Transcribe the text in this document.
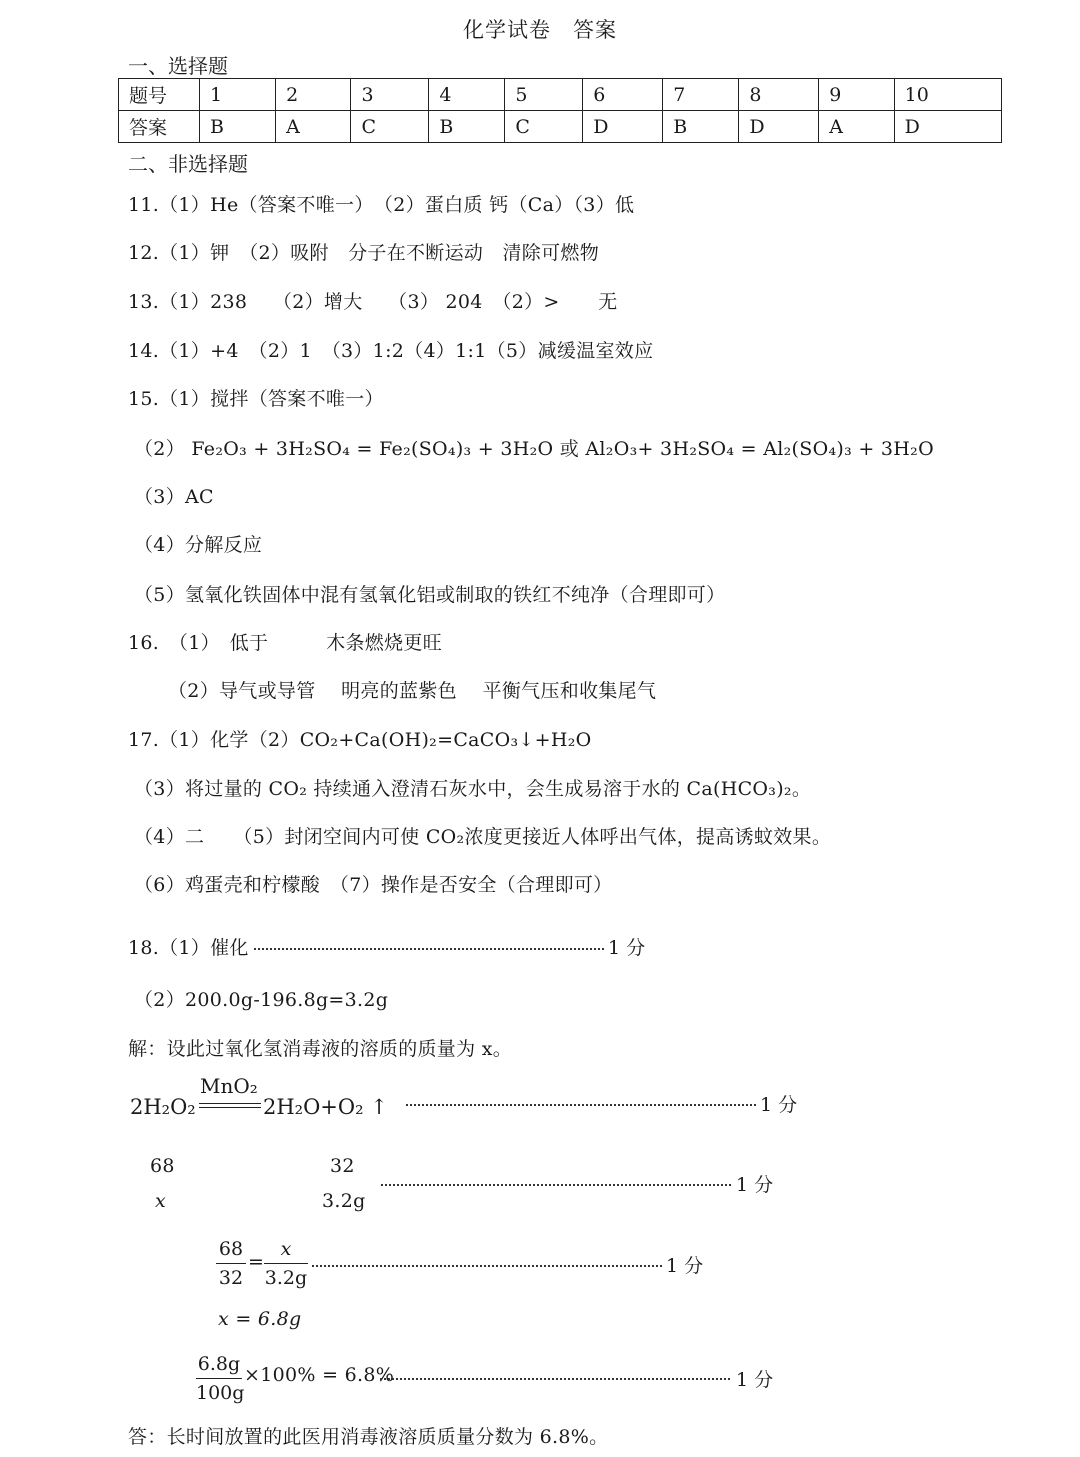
化学试卷　答案
一、选择题
题号	1	2	3	4	5	6	7	8	9	10
答案	B	A	C	B	C	D	B	D	A	D
二、非选择题
11.（1）He（答案不唯一）　（2）蛋白质 钙（Ca）（3）低
12.（1）钾　（2）吸附　分子在不断运动　清除可燃物
13.（1）238　 （2）增大　 （3） 204　（2）>　　无
14.（1）+4　（2）1　（3）1:2（4）1:1（5）减缓温室效应
15.（1）搅拌（答案不唯一）
（2） Fe₂O₃ + 3H₂SO₄ = Fe₂(SO₄)₃ + 3H₂O 或 Al₂O₃+ 3H₂SO₄ = Al₂(SO₄)₃ + 3H₂O
（3）AC
（4）分解反应
（5）氢氧化铁固体中混有氢氧化铝或制取的铁红不纯净（合理即可）
16.　（1）　低于　　　木条燃烧更旺
（2）导气或导管　 明亮的蓝紫色　 平衡气压和收集尾气
17.（1）化学（2）CO₂+Ca(OH)₂=CaCO₃↓+H₂O
（3）将过量的 CO₂ 持续通入澄清石灰水中，会生成易溶于水的 Ca(HCO₃)₂。
（4）二　　（5）封闭空间内可使 CO₂浓度更接近人体呼出气体，提高诱蚊效果。
（6）鸡蛋壳和柠檬酸　（7）操作是否安全（合理即可）
18.（1）催化	1 分
（2）200.0g-196.8g=3.2g
解：设此过氧化氢消毒液的溶质的质量为 x。
2H₂O₂
MnO₂
2H₂O+O₂ ↑	1 分
68	32
x	3.2g
1 分
68
32
=
x
3.2g
1 分
x = 6.8g
6.8g
100g
×100% = 6.8%	1 分
答：长时间放置的此医用消毒液溶质质量分数为 6.8%。
